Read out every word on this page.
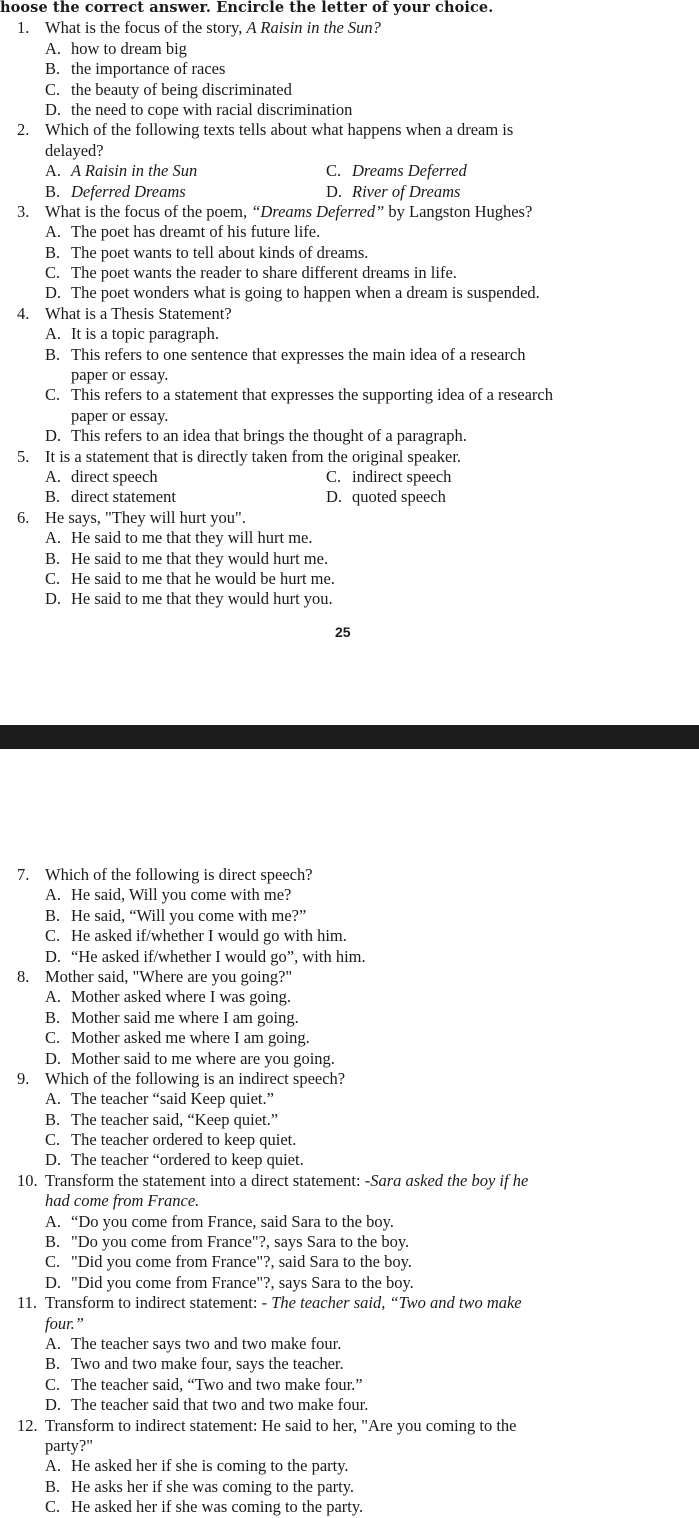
hoose the correct answer. Encircle the letter of your choice.
1. What is the focus of the story, A Raisin in the Sun?
A. how to dream big
B. the importance of races
C. the beauty of being discriminated
D. the need to cope with racial discrimination
2. Which of the following texts tells about what happens when a dream is
delayed?
A. A Raisin in the Sun	C. Dreams Deferred
B. Deferred Dreams	D. River of Dreams
3. What is the focus of the poem, “Dreams Deferred” by Langston Hughes?
A. The poet has dreamt of his future life.
B. The poet wants to tell about kinds of dreams.
C. The poet wants the reader to share different dreams in life.
D. The poet wonders what is going to happen when a dream is suspended.
4. What is a Thesis Statement?
A. It is a topic paragraph.
B. This refers to one sentence that expresses the main idea of a research
paper or essay.
C. This refers to a statement that expresses the supporting idea of a research
paper or essay.
D. This refers to an idea that brings the thought of a paragraph.
5. It is a statement that is directly taken from the original speaker.
A. direct speech	C. indirect speech
B. direct statement	D. quoted speech
6. He says, "They will hurt you".
A. He said to me that they will hurt me.
B. He said to me that they would hurt me.
C. He said to me that he would be hurt me.
D. He said to me that they would hurt you.
25
7. Which of the following is direct speech?
A. He said, Will you come with me?
B. He said, “Will you come with me?”
C. He asked if/whether I would go with him.
D. “He asked if/whether I would go”, with him.
8. Mother said, "Where are you going?"
A. Mother asked where I was going.
B. Mother said me where I am going.
C. Mother asked me where I am going.
D. Mother said to me where are you going.
9. Which of the following is an indirect speech?
A. The teacher “said Keep quiet.”
B. The teacher said, “Keep quiet.”
C. The teacher ordered to keep quiet.
D. The teacher “ordered to keep quiet.
10. Transform the statement into a direct statement: -Sara asked the boy if he
had come from France.
A. “Do you come from France, said Sara to the boy.
B. "Do you come from France"?, says Sara to the boy.
C. "Did you come from France"?, said Sara to the boy.
D. "Did you come from France"?, says Sara to the boy.
11. Transform to indirect statement: - The teacher said, “Two and two make
four.”
A. The teacher says two and two make four.
B. Two and two make four, says the teacher.
C. The teacher said, “Two and two make four.”
D. The teacher said that two and two make four.
12. Transform to indirect statement: He said to her, "Are you coming to the
party?"
A. He asked her if she is coming to the party.
B. He asks her if she was coming to the party.
C. He asked her if she was coming to the party.
